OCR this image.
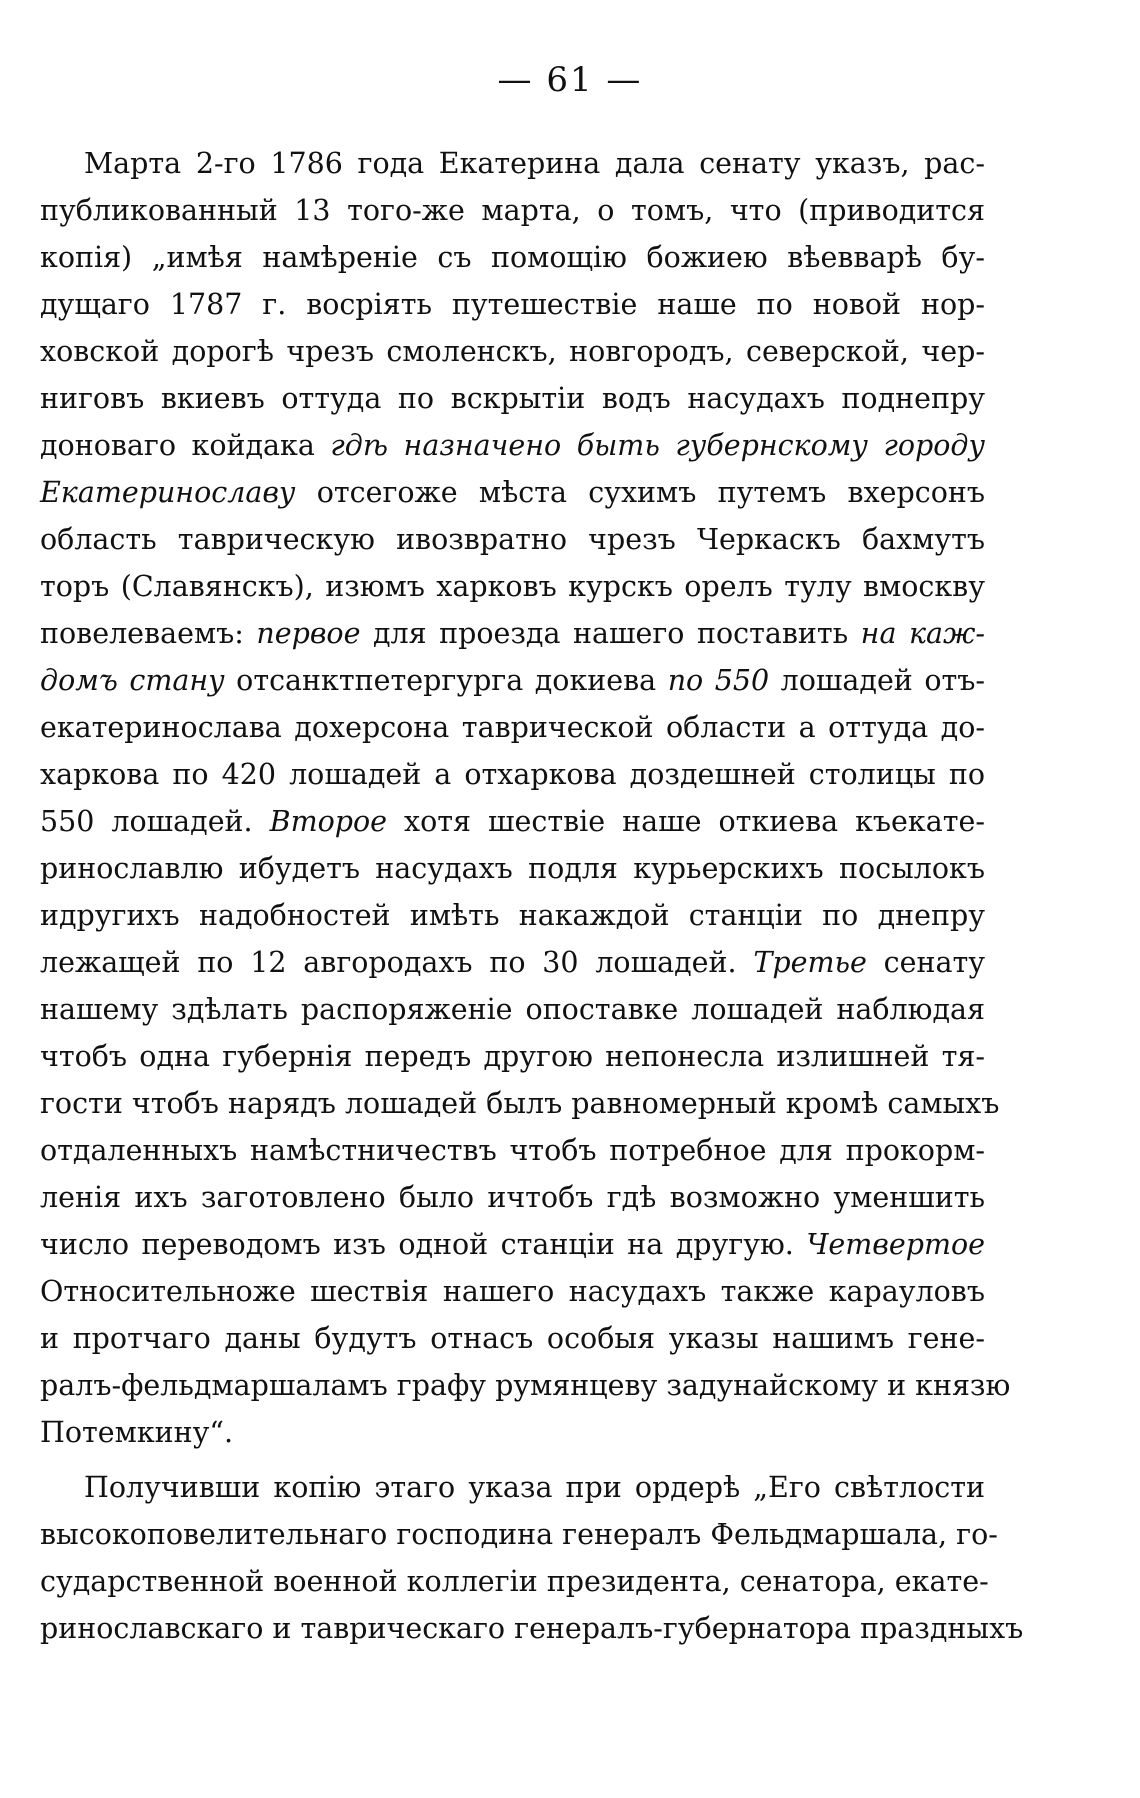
— 61 —
Марта 2-го 1786 года Екатерина дала сенату указъ, рас-
публикованный 13 того-же марта, о томъ, что (приводится
копія) „имѣя намѣреніе съ помощію божиею вѣевварѣ бу-
дущаго 1787 г. восріять путешествіе наше по новой нор-
ховской дорогѣ чрезъ смоленскъ, новгородъ, северской, чер-
ниговъ вкиевъ оттуда по вскрытіи водъ насудахъ поднепру
доноваго койдака гдѣ назначено быть губернскому городу
Екатеринославу отсегоже мѣста сухимъ путемъ вхерсонъ
область таврическую ивозвратно чрезъ Черкаскъ бахмутъ
торъ (Славянскъ), изюмъ харковъ курскъ орелъ тулу вмоскву
повелеваемъ: первое для проезда нашего поставить на каж-
домъ стану отсанктпетергурга докиева по 550 лошадей отъ-
екатеринослава дохерсона таврической области а оттуда до-
харкова по 420 лошадей а отхаркова доздешней столицы по
550 лошадей. Второе хотя шествіе наше откиева къекате-
ринославлю ибудетъ насудахъ подля курьерскихъ посылокъ
идругихъ надобностей имѣть накаждой станціи по днепру
лежащей по 12 авгородахъ по 30 лошадей. Третье сенату
нашему здѣлать распоряженіе опоставке лошадей наблюдая
чтобъ одна губернія передъ другою непонесла излишней тя-
гости чтобъ нарядъ лошадей былъ равномерный кромѣ самыхъ
отдаленныхъ намѣстничествъ чтобъ потребное для прокорм-
ленія ихъ заготовлено было ичтобъ гдѣ возможно уменшить
число переводомъ изъ одной станціи на другую. Четвертое
Относительноже шествія нашего насудахъ также карауловъ
и протчаго даны будутъ отнасъ особыя указы нашимъ гене-
ралъ-фельдмаршаламъ графу румянцеву задунайскому и князю
Потемкину“.
Получивши копію этаго указа при ордерѣ „Его свѣтлости
высокоповелительнаго господина генералъ Фельдмаршала, го-
сударственной военной коллегіи президента, сенатора, екате-
ринославскаго и таврическаго генералъ-губернатора праздныхъ
